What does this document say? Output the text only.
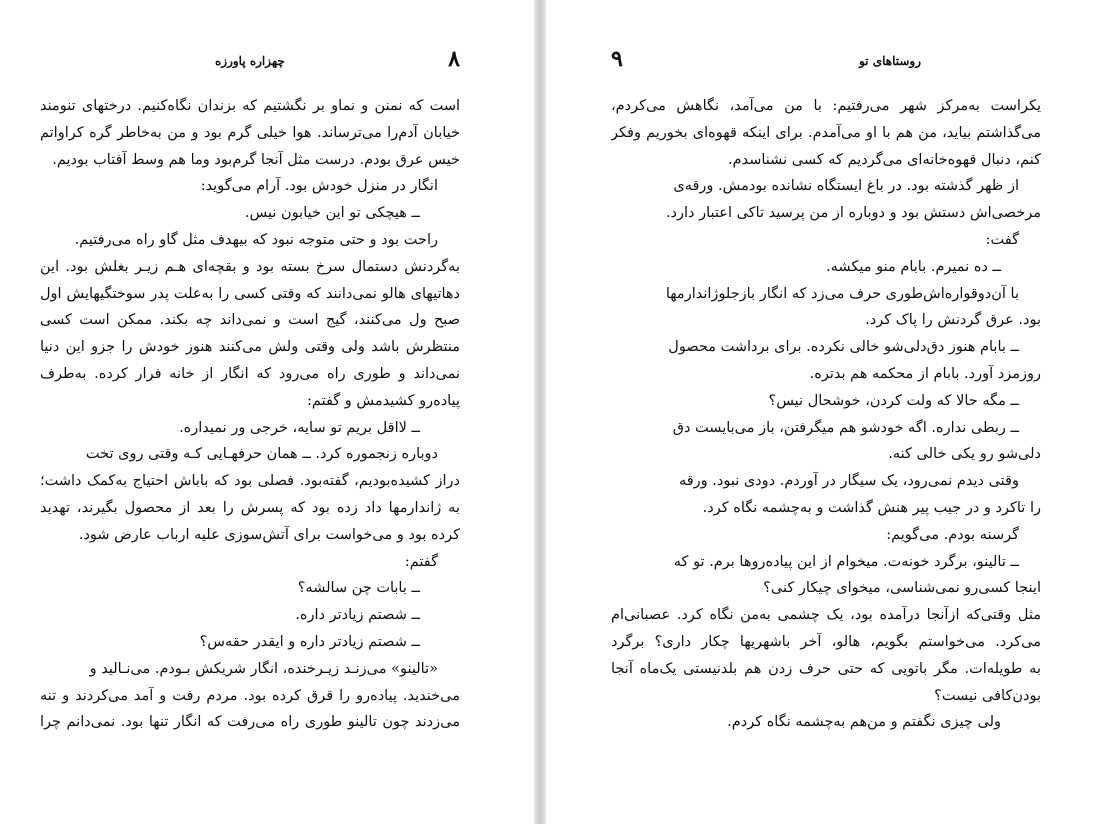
چهزاره پاورزه	۸
است که نمنن و نماو بر نگشتیم که بزندان نگاه‌کنیم. درختهای تنومند
خیابان آدم‌را می‌ترساند. هوا خیلی گرم بود و من به‌خاطر گره کراواتم
خیس عرق بودم. درست مثل آنجا گرم‌بود وما هم وسط آفتاب بودیم.
انگار در منزل خودش بود. آرام می‌گوید:
ــ هیچکی تو این خیابون نیس.
راحت بود و حتی متوجه نبود که بیهدف مثل گاو راه می‌رفتیم.
به‌گردنش دستمال سرخ بسته بود و بقچه‌ای هـم زیـر بغلش بود. این
دهاتیهای هالو نمی‌دانند که وقتی کسی را به‌علت پدر سوختگیهایش اول
صبح ول می‌کنند، گیج است و نمی‌داند چه بکند. ممکن است کسی
منتظرش باشد ولی وقتی ولش می‌کنند هنوز خودش را جزو این دنیا
نمی‌داند و طوری راه می‌رود که انگار از خانه فرار کرده. به‌طرف
پیاده‌رو کشیدمش و گفتم:
ــ لااقل بریم تو سایه، خرجی ور نمیداره.
دوباره زنجموره کرد. ــ همان حرفهـایی کـه وقتی روی تخت
دراز کشیده‌بودیم، گفته‌بود. فصلی بود که باباش احتیاج به‌کمک داشت؛
به ژاندارمها داد زده بود که پسرش را بعد از محصول بگیرند، تهدید
کرده بود و می‌خواست برای آتش‌سوزی علیه ارباب عارض شود.
گفتم:
ــ بابات چن سالشه؟
ــ شصتم زیادتر داره.
ــ شصتم زیادتر داره و ایقدر حقه‌س؟
«تالینو» می‌زنـد زیـرخنده، انگار شریکش بـودم. می‌نـالید و
می‌خندید. پیاده‌رو را قرق کرده بود. مردم رفت و آمد می‌کردند و تنه
می‌زدند چون تالینو طوری راه می‌رفت که انگار تنها بود. نمی‌دانم چرا
۹	روستاهای تو
یکراست به‌مرکز شهر می‌رفتیم: با من می‌آمد، نگاهش می‌کردم،
می‌گذاشتم بیاید، من هم با او می‌آمدم. برای اینکه قهوه‌ای بخوریم وفکر
کنم، دنبال قهوه‌خانه‌ای می‌گردیم که کسی نشناسدم.
از ظهر گذشته بود. در باغ ایستگاه نشانده بودمش. ورقه‌ی
مرخصی‌اش دستش بود و دوباره از من پرسید تاکی اعتبار دارد.
گفت:
ــ ده نمیرم. بابام منو میکشه.
با آن‌دوقواره‌اش‌طوری حرف می‌زد که انگار بازجلوژاندارمها
بود. عرق گردنش را پاک کرد.
ــ بابام هنوز دق‌دلی‌شو خالی نکرده. برای برداشت محصول
روزمزد آورد. بابام از محکمه هم بدتره.
ــ مگه حالا که ولت کردن، خوشحال نیس؟
ــ ربطی نداره. اگه خودشو هم میگرفتن، باز می‌بایست دق
دلی‌شو رو یکی خالی کنه.
وقتی دیدم نمی‌رود، یک سیگار در آوردم. دودی نبود. ورقه
را تاکرد و در جیب پیر هنش گذاشت و به‌چشمه نگاه کرد.
گرسنه بودم. می‌گویم:
ــ تالینو، برگرد خونه‌ت. میخوام از این پیاده‌روها برم. تو که
اینجا کسی‌رو نمی‌شناسی، میخوای چیکار کنی؟
مثل وقتی‌که ازآنجا درآمده بود، یک چشمی به‌من نگاه کرد. عصبانی‌ام
می‌کرد. می‌خواستم بگویم، هالو، آخر باشهریها چکار داری؟ برگرد
به طویله‌ات. مگر باتویی که حتی حرف زدن هم بلدنیستی یک‌ماه آنجا
بودن‌کافی نیست؟
ولی چیزی نگفتم و من‌هم به‌چشمه نگاه کردم.
